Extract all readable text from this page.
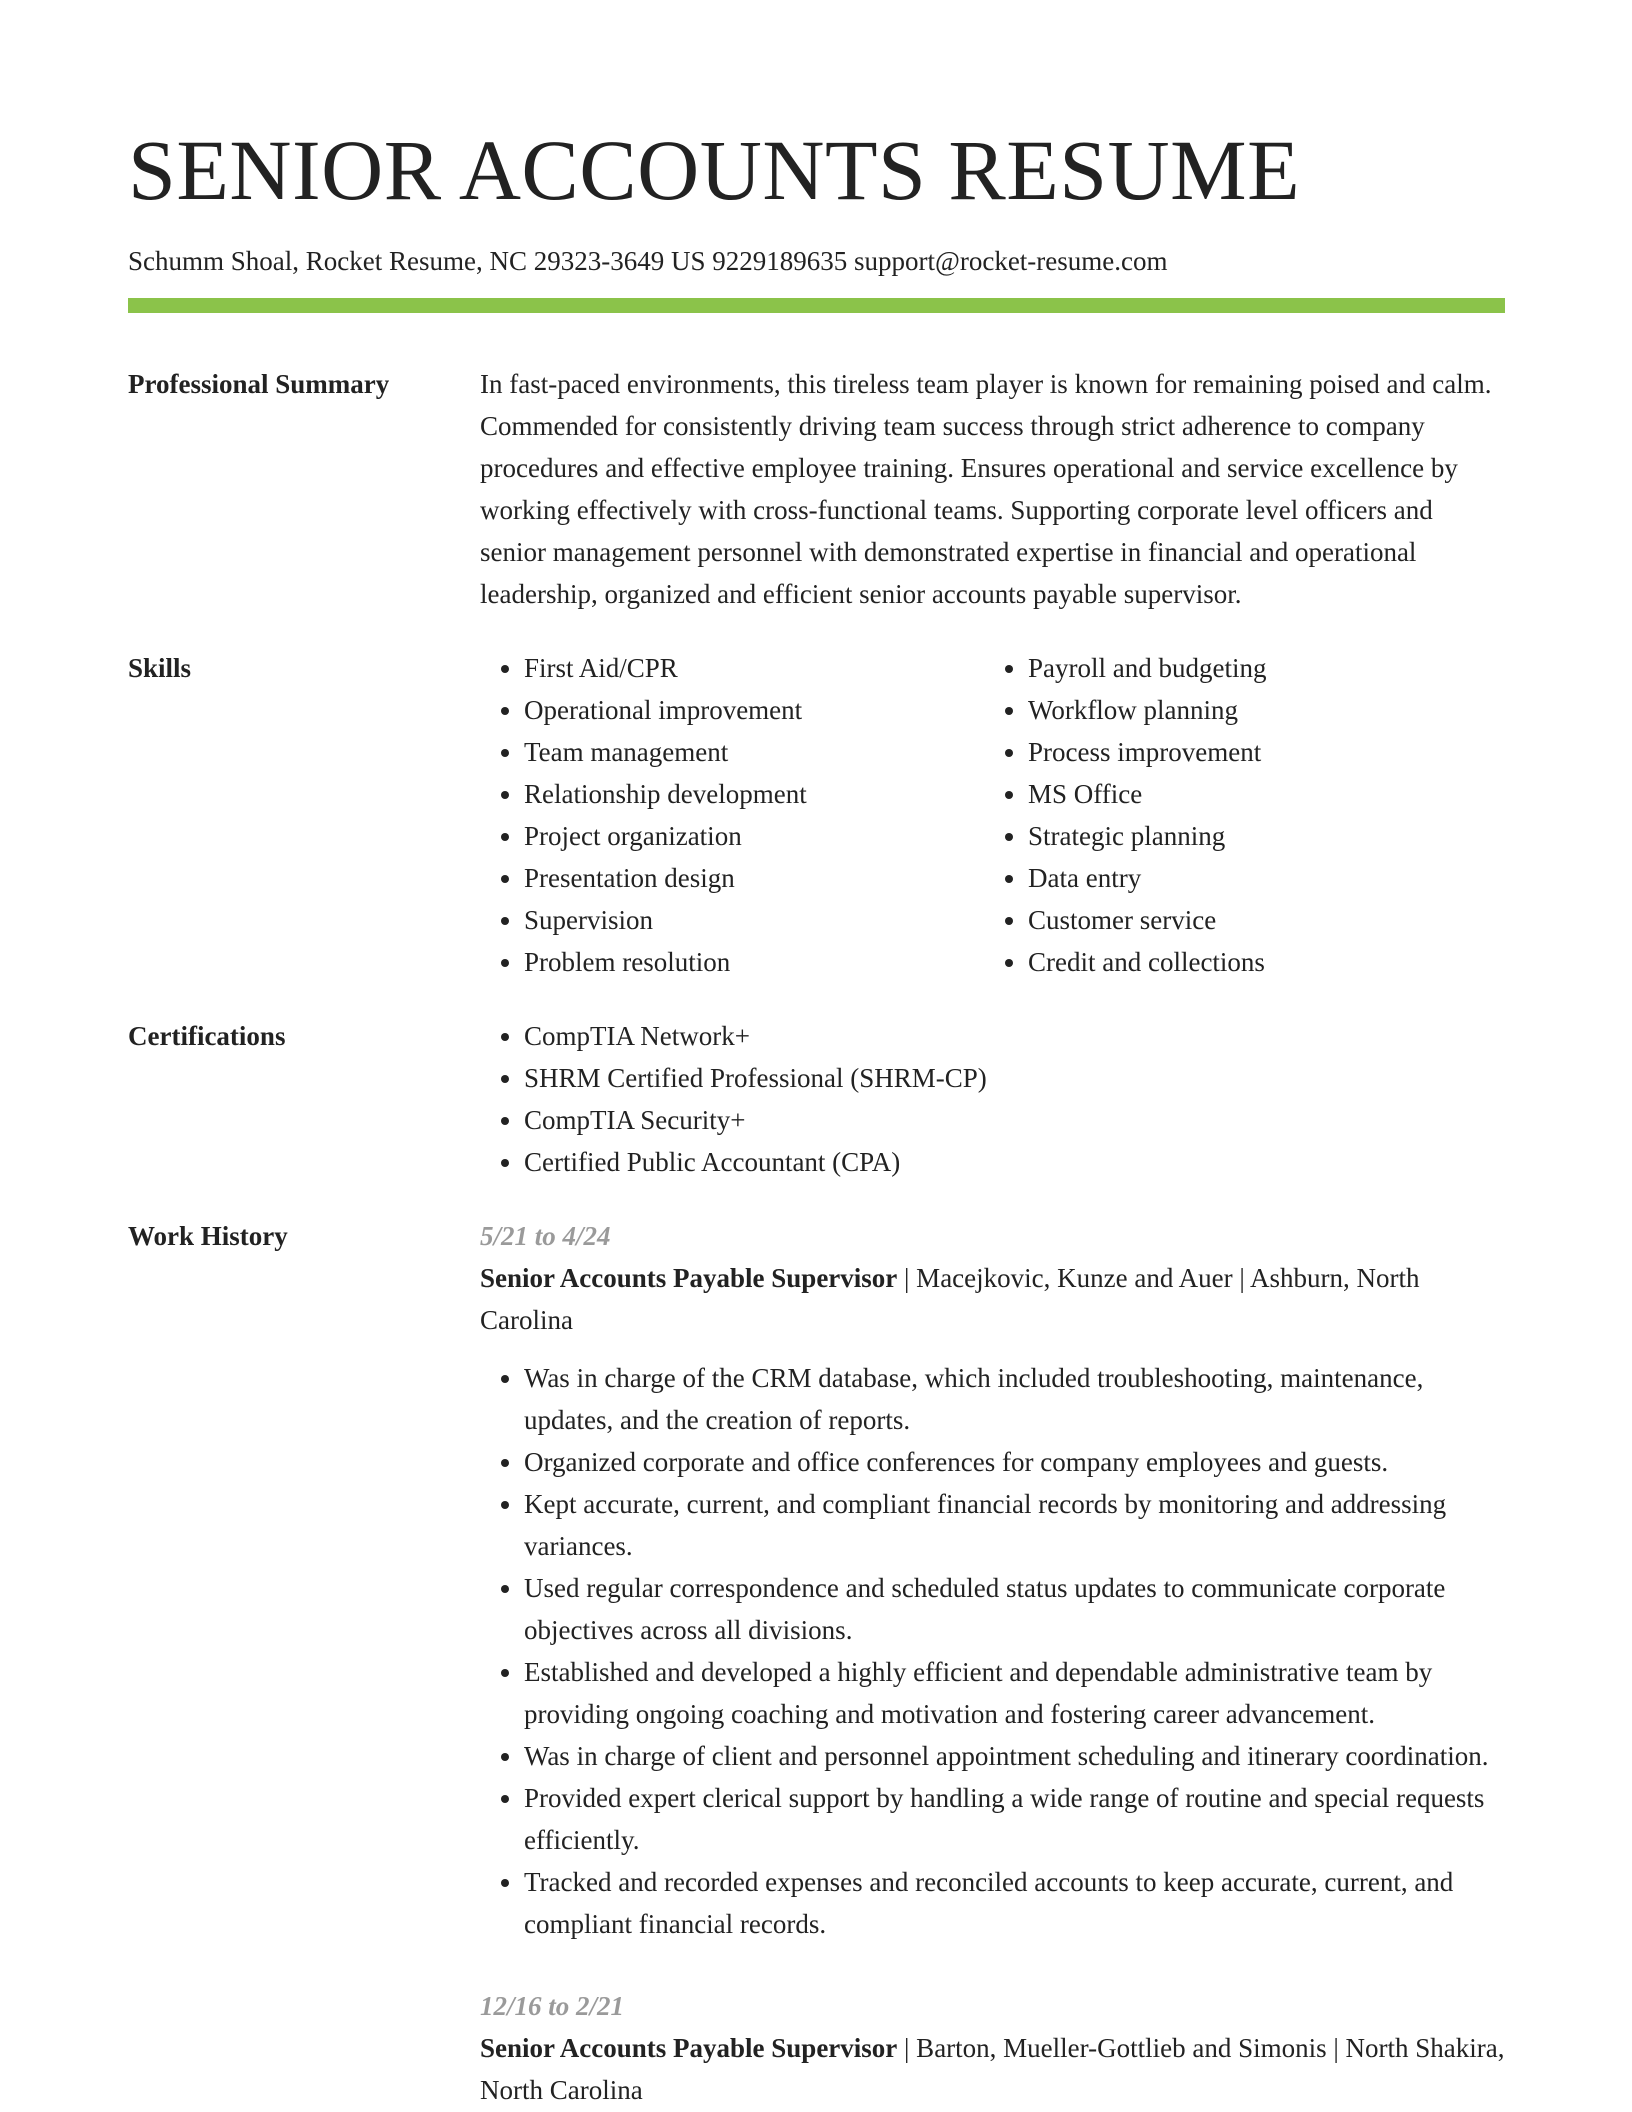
SENIOR ACCOUNTS RESUME
Schumm Shoal, Rocket Resume, NC 29323-3649 US 9229189635 support@rocket-resume.com
Professional Summary	In fast-paced environments, this tireless team player is known for remaining poised and calm. Commended for consistently driving team success through strict adherence to company procedures and effective employee training. Ensures operational and service excellence by working effectively with cross-functional teams. Supporting corporate level officers and senior management personnel with demonstrated expertise in financial and operational leadership, organized and efficient senior accounts payable supervisor.

Skills	• First Aid/CPR
• Operational improvement
• Team management
• Relationship development
• Project organization
• Presentation design
• Supervision
• Problem resolution
• Payroll and budgeting
• Workflow planning
• Process improvement
• MS Office
• Strategic planning
• Data entry
• Customer service
• Credit and collections
Certifications	• CompTIA Network+
• SHRM Certified Professional (SHRM-CP)
• CompTIA Security+
• Certified Public Accountant (CPA)
Work History	5/21 to 4/24
Senior Accounts Payable Supervisor | Macejkovic, Kunze and Auer | Ashburn, North Carolina
• Was in charge of the CRM database, which included troubleshooting, maintenance, updates, and the creation of reports.
• Organized corporate and office conferences for company employees and guests.
• Kept accurate, current, and compliant financial records by monitoring and addressing variances.
• Used regular correspondence and scheduled status updates to communicate corporate objectives across all divisions.
• Established and developed a highly efficient and dependable administrative team by providing ongoing coaching and motivation and fostering career advancement.
• Was in charge of client and personnel appointment scheduling and itinerary coordination.
• Provided expert clerical support by handling a wide range of routine and special requests efficiently.
• Tracked and recorded expenses and reconciled accounts to keep accurate, current, and compliant financial records.
12/16 to 2/21
Senior Accounts Payable Supervisor | Barton, Mueller-Gottlieb and Simonis | North Shakira, North Carolina
